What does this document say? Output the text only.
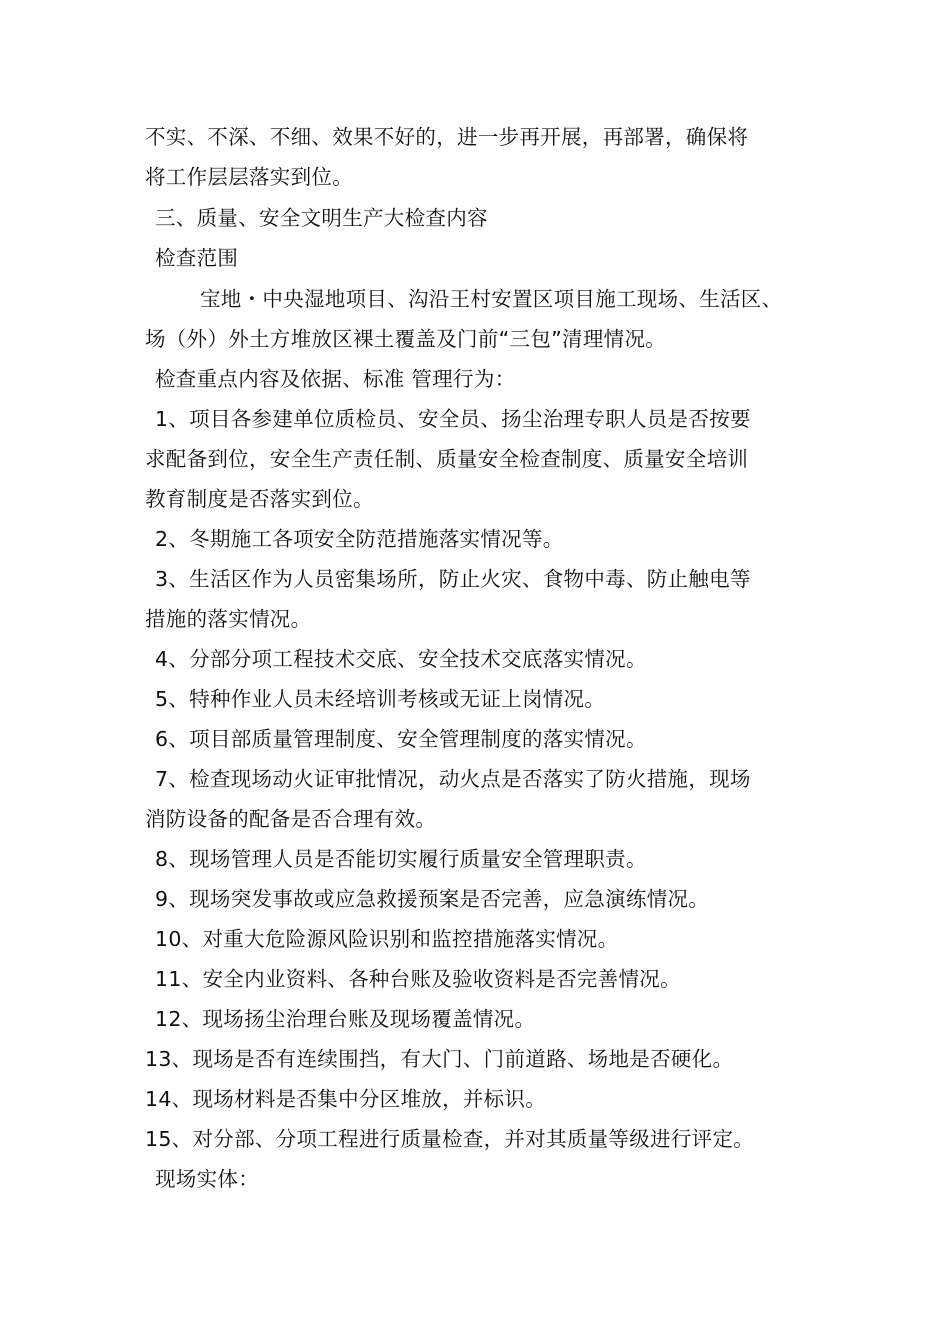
不实、不深、不细、效果不好的，进一步再开展，再部署，确保将
将工作层层落实到位。
三、质量、安全文明生产大检查内容
检查范围
宝地・中央湿地项目、沟沿王村安置区项目施工现场、生活区、
场（外）外土方堆放区裸土覆盖及门前“三包”清理情况。
检查重点内容及依据、标准 管理行为：
1、项目各参建单位质检员、安全员、扬尘治理专职人员是否按要
求配备到位，安全生产责任制、质量安全检查制度、质量安全培训
教育制度是否落实到位。
2、冬期施工各项安全防范措施落实情况等。
3、生活区作为人员密集场所，防止火灾、食物中毒、防止触电等
措施的落实情况。
4、分部分项工程技术交底、安全技术交底落实情况。
5、特种作业人员未经培训考核或无证上岗情况。
6、项目部质量管理制度、安全管理制度的落实情况。
7、检查现场动火证审批情况，动火点是否落实了防火措施，现场
消防设备的配备是否合理有效。
8、现场管理人员是否能切实履行质量安全管理职责。
9、现场突发事故或应急救援预案是否完善，应急演练情况。
10、对重大危险源风险识别和监控措施落实情况。
11、安全内业资料、各种台账及验收资料是否完善情况。
12、现场扬尘治理台账及现场覆盖情况。
13、现场是否有连续围挡，有大门、门前道路、场地是否硬化。
14、现场材料是否集中分区堆放，并标识。
15、对分部、分项工程进行质量检查，并对其质量等级进行评定。
现场实体：
